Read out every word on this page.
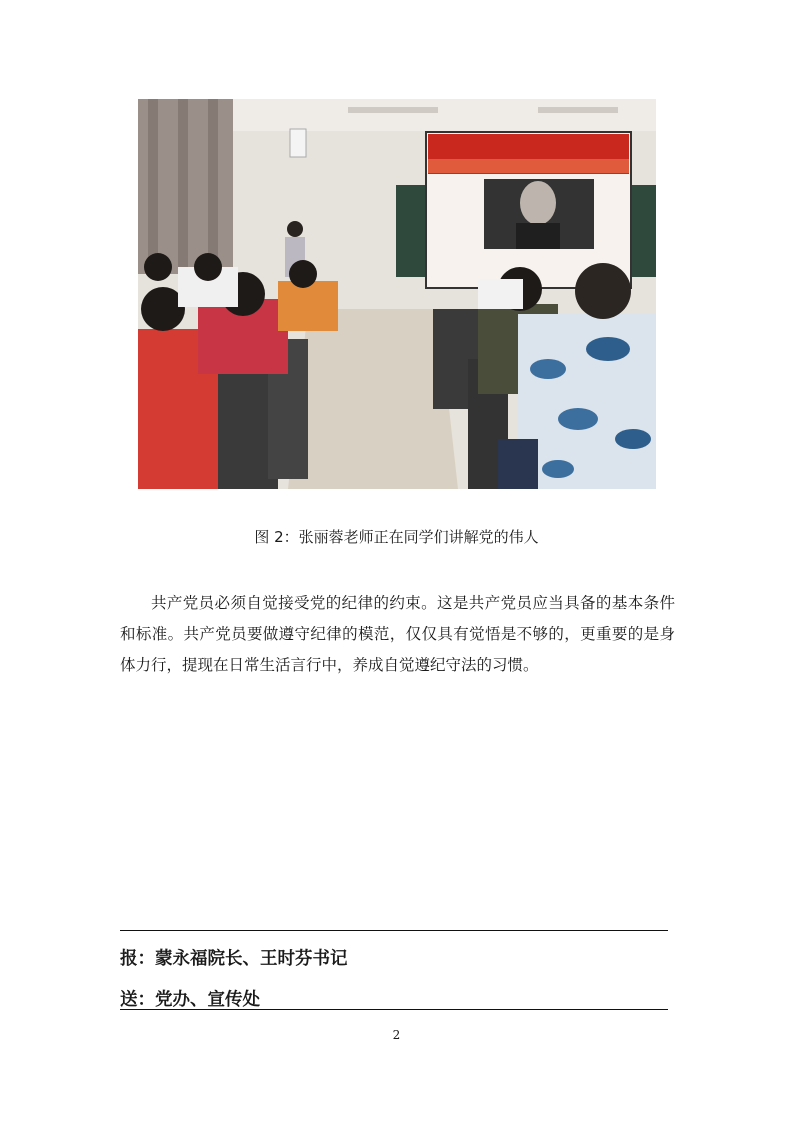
图 2：张丽蓉老师正在同学们讲解党的伟人

共产党员必须自觉接受党的纪律的约束。这是共产党员应当具备的基本条件和标准。共产党员要做遵守纪律的模范，仅仅具有觉悟是不够的，更重要的是身体力行，提现在日常生活言行中，养成自觉遵纪守法的习惯。

报：蒙永福院长、王时芬书记
送：党办、宣传处
2
